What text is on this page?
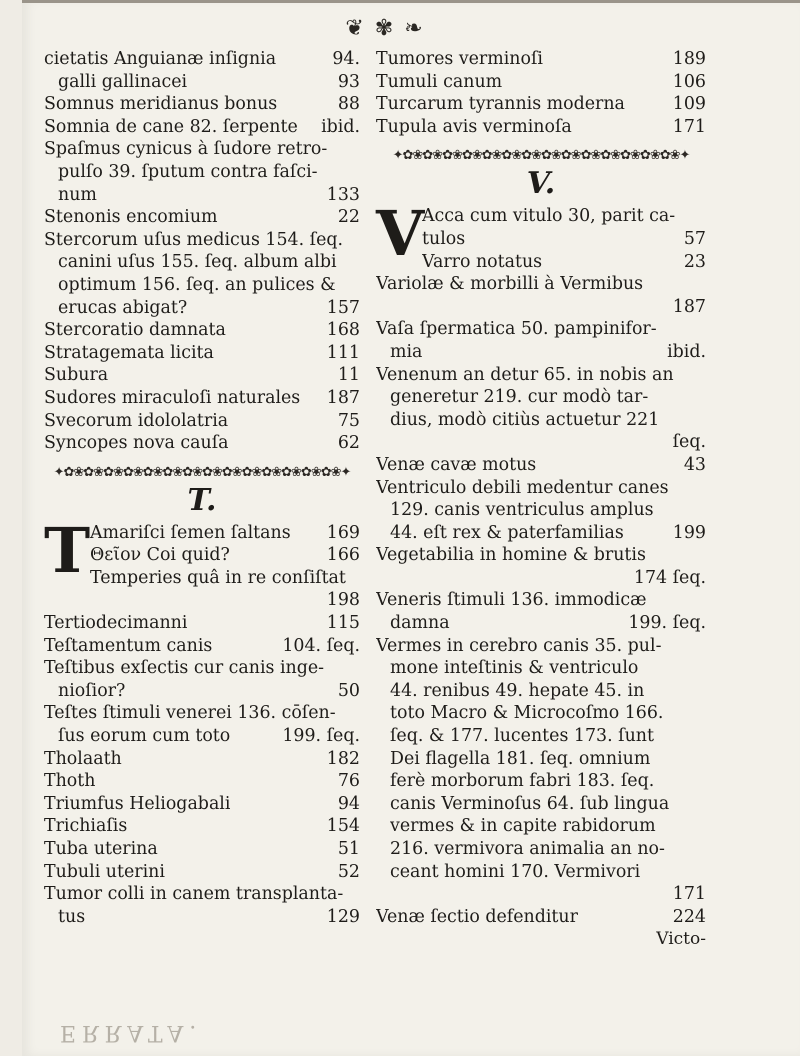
❦ ✾ ❧
cietatis Anguianæ inſignia	94.
galli gallinacei	93
Somnus meridianus bonus	88
Somnia de cane 82. ſerpente ibid.
Spaſmus cynicus à ſudore retro-
pulſo 39. ſputum contra faſci-
num	133
Stenonis encomium	22
Stercorum uſus medicus 154. ſeq.
canini uſus 155. ſeq. album albi
optimum 156. ſeq. an pulices &
erucas abigat?	157
Stercoratio damnata	168
Stratagemata licita	111
Subura	11
Sudores miraculoſi naturales 187
Svecorum idololatria	75
Syncopes nova cauſa	62
✦✿❀✿❀✿❀✿❀✿❀✿❀✿❀✿❀✿❀✿❀✿❀✿❀✿❀✿❀✦
T.
T Amariſci ſemen ſaltans 169
Θεῖον Coi quid?	166
Temperies quâ in re conſiſtat
198
Tertiodecimanni	115
Teſtamentum canis	104. ſeq.
Teſtibus exſectis cur canis inge-
nioſior?	50
Teſtes ſtimuli venerei 136. cōſen-
ſus eorum cum toto	199. ſeq.
Tholaath	182
Thoth	76
Triumfus Heliogabali	94
Trichiaſis	154
Tuba uterina	51
Tubuli uterini	52
Tumor colli in canem transplanta-
tus	129
Tumores verminoſi	189
Tumuli canum	106
Turcarum tyrannis moderna	109
Tupula avis verminoſa	171
✦✿❀✿❀✿❀✿❀✿❀✿❀✿❀✿❀✿❀✿❀✿❀✿❀✿❀✿❀✦
V.
V
Acca cum vitulo 30, parit ca-
tulos	57
Varro notatus	23
Variolæ & morbilli à Vermibus
187
Vaſa ſpermatica 50. pampinifor-
mia	ibid.
Venenum an detur 65. in nobis an
generetur 219. cur modò tar-
dius, modò citiùs actuetur 221
ſeq.
Venæ cavæ motus	43
Ventriculo debili medentur canes
129. canis ventriculus amplus
44. eſt rex & paterfamilias	199
Vegetabilia in homine & brutis
174 ſeq.
Veneris ſtimuli 136. immodicæ
damna	199. ſeq.
Vermes in cerebro canis 35. pul-
mone inteſtinis & ventriculo
44. renibus 49. hepate 45. in
toto Macro & Microcoſmo 166.
ſeq. & 177. lucentes 173. ſunt
Dei flagella 181. ſeq. omnium
ferè morborum fabri 183. ſeq.
canis Verminoſus 64. ſub lingua
vermes & in capite rabidorum
216. vermivora animalia an no-
ceant homini 170. Vermivori
171
Venæ ſectio defenditur	224
Victo-
ERRATA.
